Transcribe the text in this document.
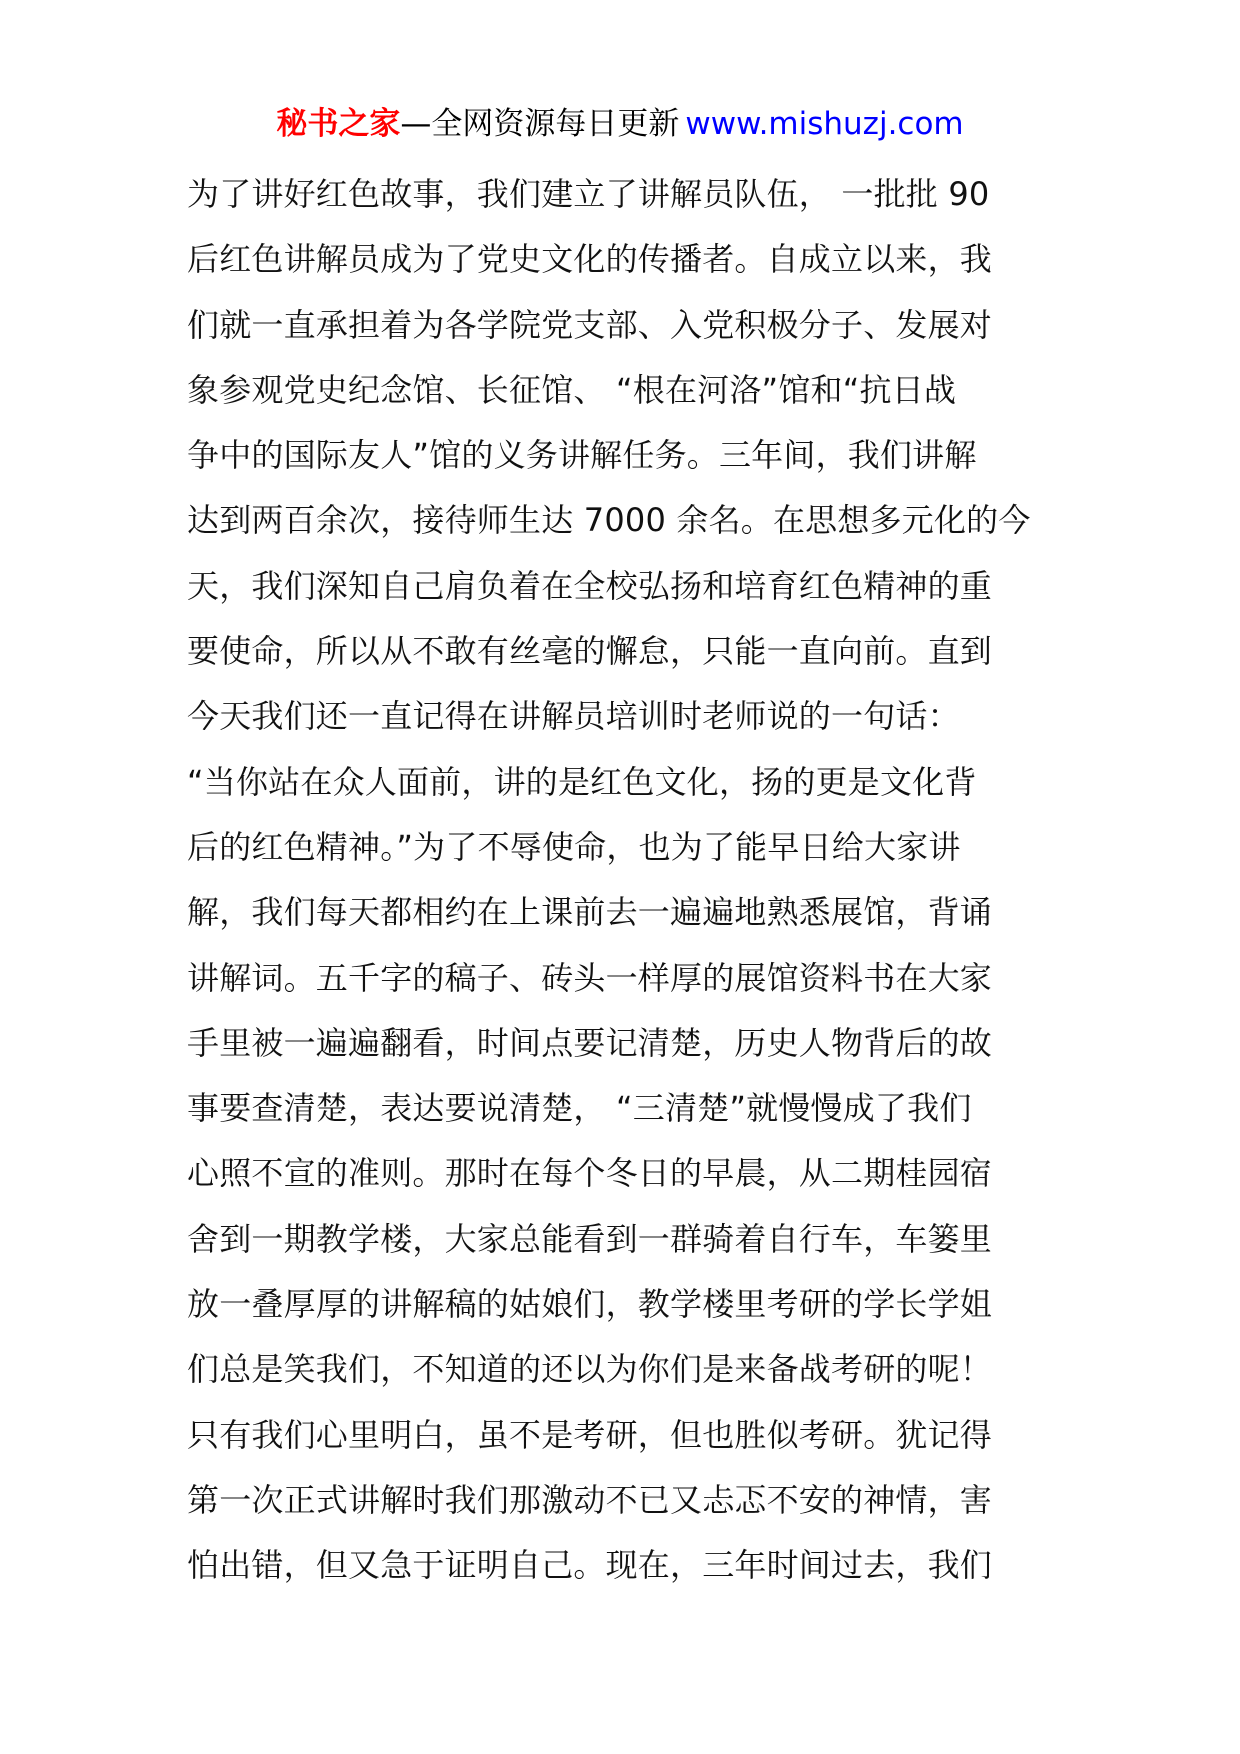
秘书之家—全网资源每日更新 www.mishuzj.com
为了讲好红色故事，我们建立了讲解员队伍， 一批批 90
后红色讲解员成为了党史文化的传播者。自成立以来，我
们就一直承担着为各学院党支部、入党积极分子、发展对
象参观党史纪念馆、长征馆、 “根在河洛”馆和“抗日战
争中的国际友人”馆的义务讲解任务。三年间，我们讲解
达到两百余次，接待师生达 7000 余名。在思想多元化的今
天，我们深知自己肩负着在全校弘扬和培育红色精神的重
要使命，所以从不敢有丝毫的懈怠，只能一直向前。直到
今天我们还一直记得在讲解员培训时老师说的一句话：
“当你站在众人面前，讲的是红色文化，扬的更是文化背
后的红色精神。”为了不辱使命，也为了能早日给大家讲
解，我们每天都相约在上课前去一遍遍地熟悉展馆，背诵
讲解词。五千字的稿子、砖头一样厚的展馆资料书在大家
手里被一遍遍翻看，时间点要记清楚，历史人物背后的故
事要查清楚，表达要说清楚， “三清楚”就慢慢成了我们
心照不宣的准则。那时在每个冬日的早晨，从二期桂园宿
舍到一期教学楼，大家总能看到一群骑着自行车，车篓里
放一叠厚厚的讲解稿的姑娘们，教学楼里考研的学长学姐
们总是笑我们，不知道的还以为你们是来备战考研的呢！
只有我们心里明白，虽不是考研，但也胜似考研。犹记得
第一次正式讲解时我们那激动不已又忐忑不安的神情，害
怕出错，但又急于证明自己。现在，三年时间过去，我们
